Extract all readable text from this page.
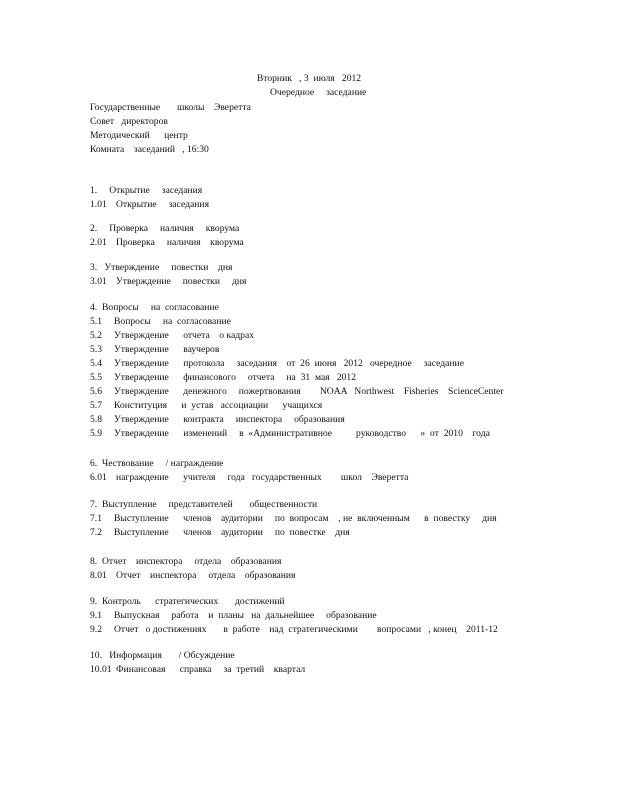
Вторник   , 3  июля   2012
Очередное     заседание
Государственные       школы    Эверетта
Совет   директоров
Методический      центр
Комната    заседаний   , 16:30
1.     Открытие     заседания
1.01 Открытие     заседания
2.     Проверка     наличия     кворума
2.01 Проверка     наличия    кворума
3.   Утверждение     повестки    дня
3.01 Утверждение     повестки     дня
4.  Вопросы     на  согласование
5.1 Вопросы     на  согласование
5.2 Утверждение      отчета    о кадрах
5.3 Утверждение      ваучеров
5.4 Утверждение      протокола     заседания    от  26  июня   2012   очередное     заседание
5.5 Утверждение      финансового     отчета     на  31  мая   2012
5.6 Утверждение      денежного     пожертвования        NOAA   Northwest    Fisheries    ScienceCenter
5.7 Конституция      и  устав   ассоциации      учащихся
5.8 Утверждение      контракта     инспектора     образования
5.9 Утверждение      изменений     в  «Административное          руководство      »  от  2010    года
6.  Чествование     / награждение
6.01 награждение      учителя     года   государственных        школ    Эверетта
7.  Выступление     представителей       общественности
7.1 Выступление      членов    аудитории     по  вопросам    , не  включенным      в  повестку     дня
7.2 Выступление      членов    аудитории     по  повестке    дня
8.  Отчет    инспектора     отдела    образования
8.01 Отчет    инспектора     отдела    образования
9.  Контроль      стратегических       достижений
9.1 Выпускная     работа    и  планы   на  дальнейшее     образование
9.2 Отчет   о достижениях       в  работе    над  стратегическими        вопросами   , конец    2011-12
10.   Информация       / Обсуждение
10.01 Финансовая      справка     за  третий    квартал
